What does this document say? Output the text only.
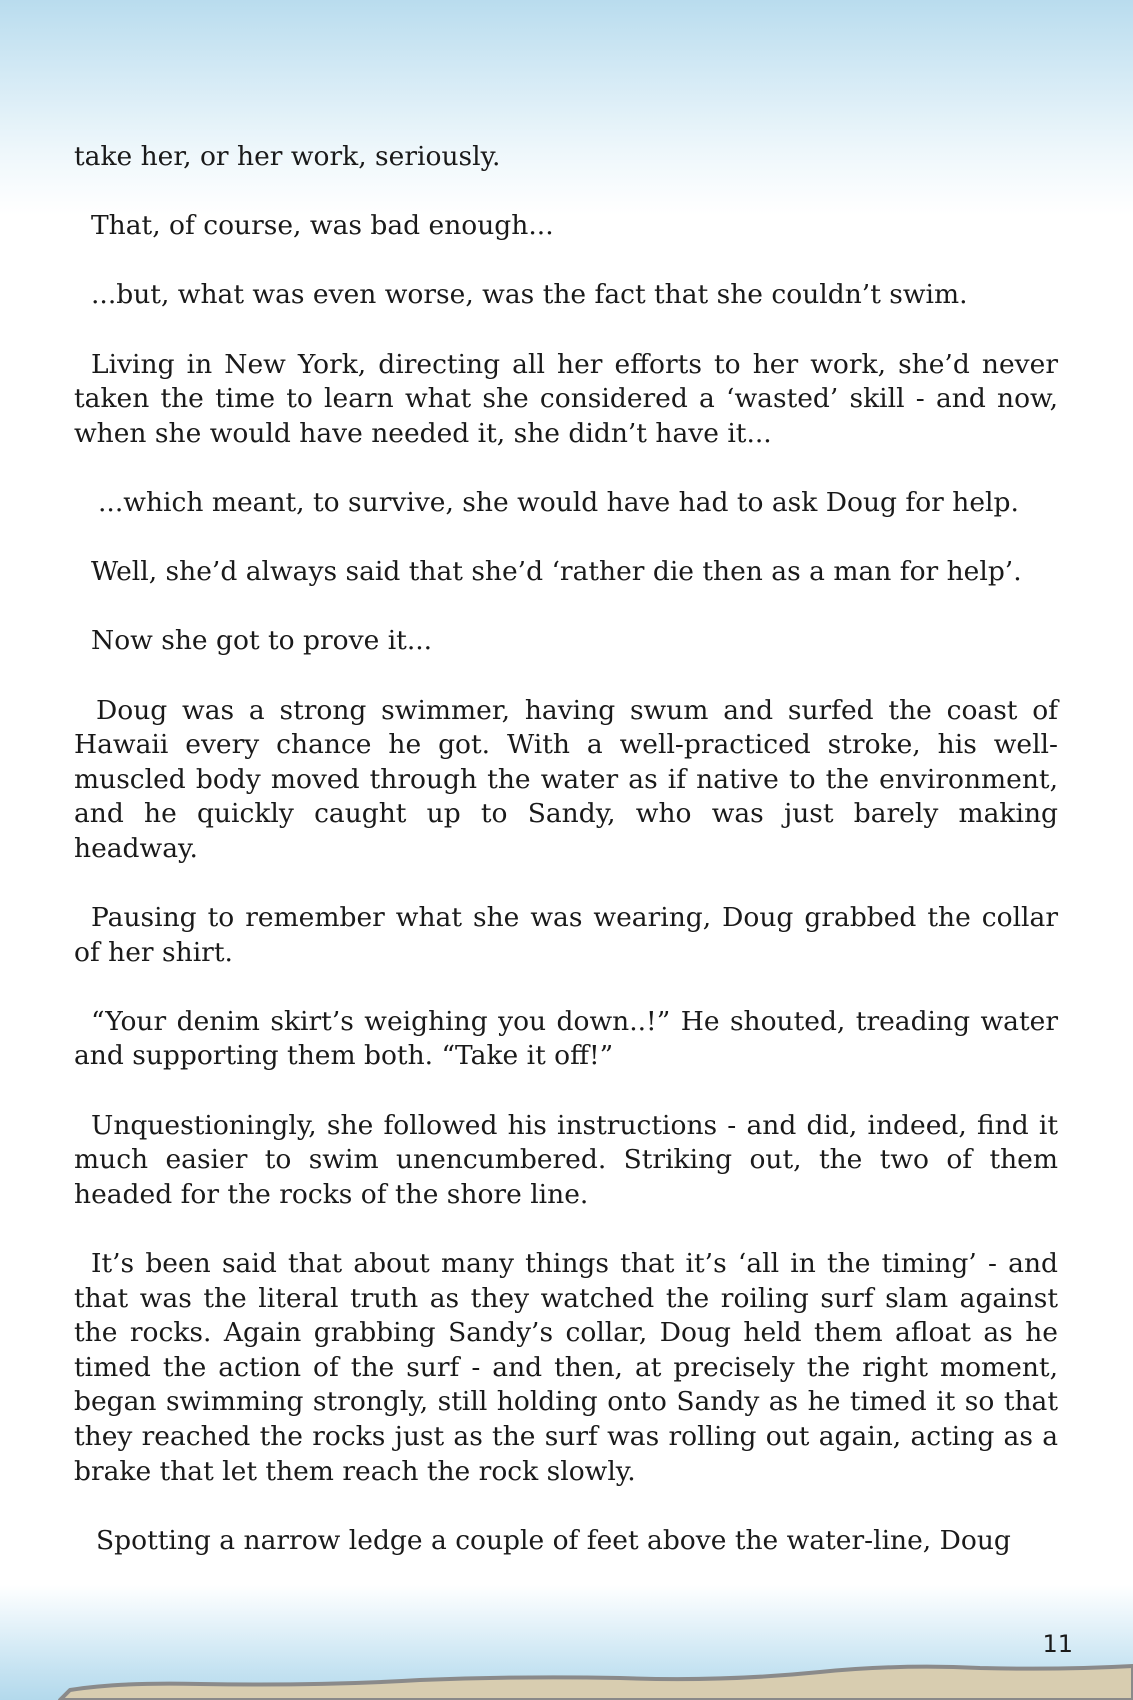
take her, or her work, seriously.

That, of course, was bad enough...

...but, what was even worse, was the fact that she couldn’t swim.

Living in New York, directing all her efforts to her work, she’d never taken the time to learn what she considered a ‘wasted’ skill - and now, when she would have needed it, she didn’t have it...

...which meant, to survive, she would have had to ask Doug for help.

Well, she’d always said that she’d ‘rather die then as a man for help’.

Now she got to prove it...

Doug was a strong swimmer, having swum and surfed the coast of Hawaii every chance he got. With a well-practiced stroke, his well-muscled body moved through the water as if native to the environment, and he quickly caught up to Sandy, who was just barely making headway.

Pausing to remember what she was wearing, Doug grabbed the collar of her shirt.

“Your denim skirt’s weighing you down..!” He shouted, treading water and supporting them both. “Take it off!”

Unquestioningly, she followed his instructions - and did, indeed, find it much easier to swim unencumbered. Striking out, the two of them headed for the rocks of the shore line.

It’s been said that about many things that it’s ‘all in the timing’ - and that was the literal truth as they watched the roiling surf slam against the rocks. Again grabbing Sandy’s collar, Doug held them afloat as he timed the action of the surf - and then, at precisely the right moment, began swimming strongly, still holding onto Sandy as he timed it so that they reached the rocks just as the surf was rolling out again, acting as a brake that let them reach the rock slowly.

Spotting a narrow ledge a couple of feet above the water-line, Doug

11
